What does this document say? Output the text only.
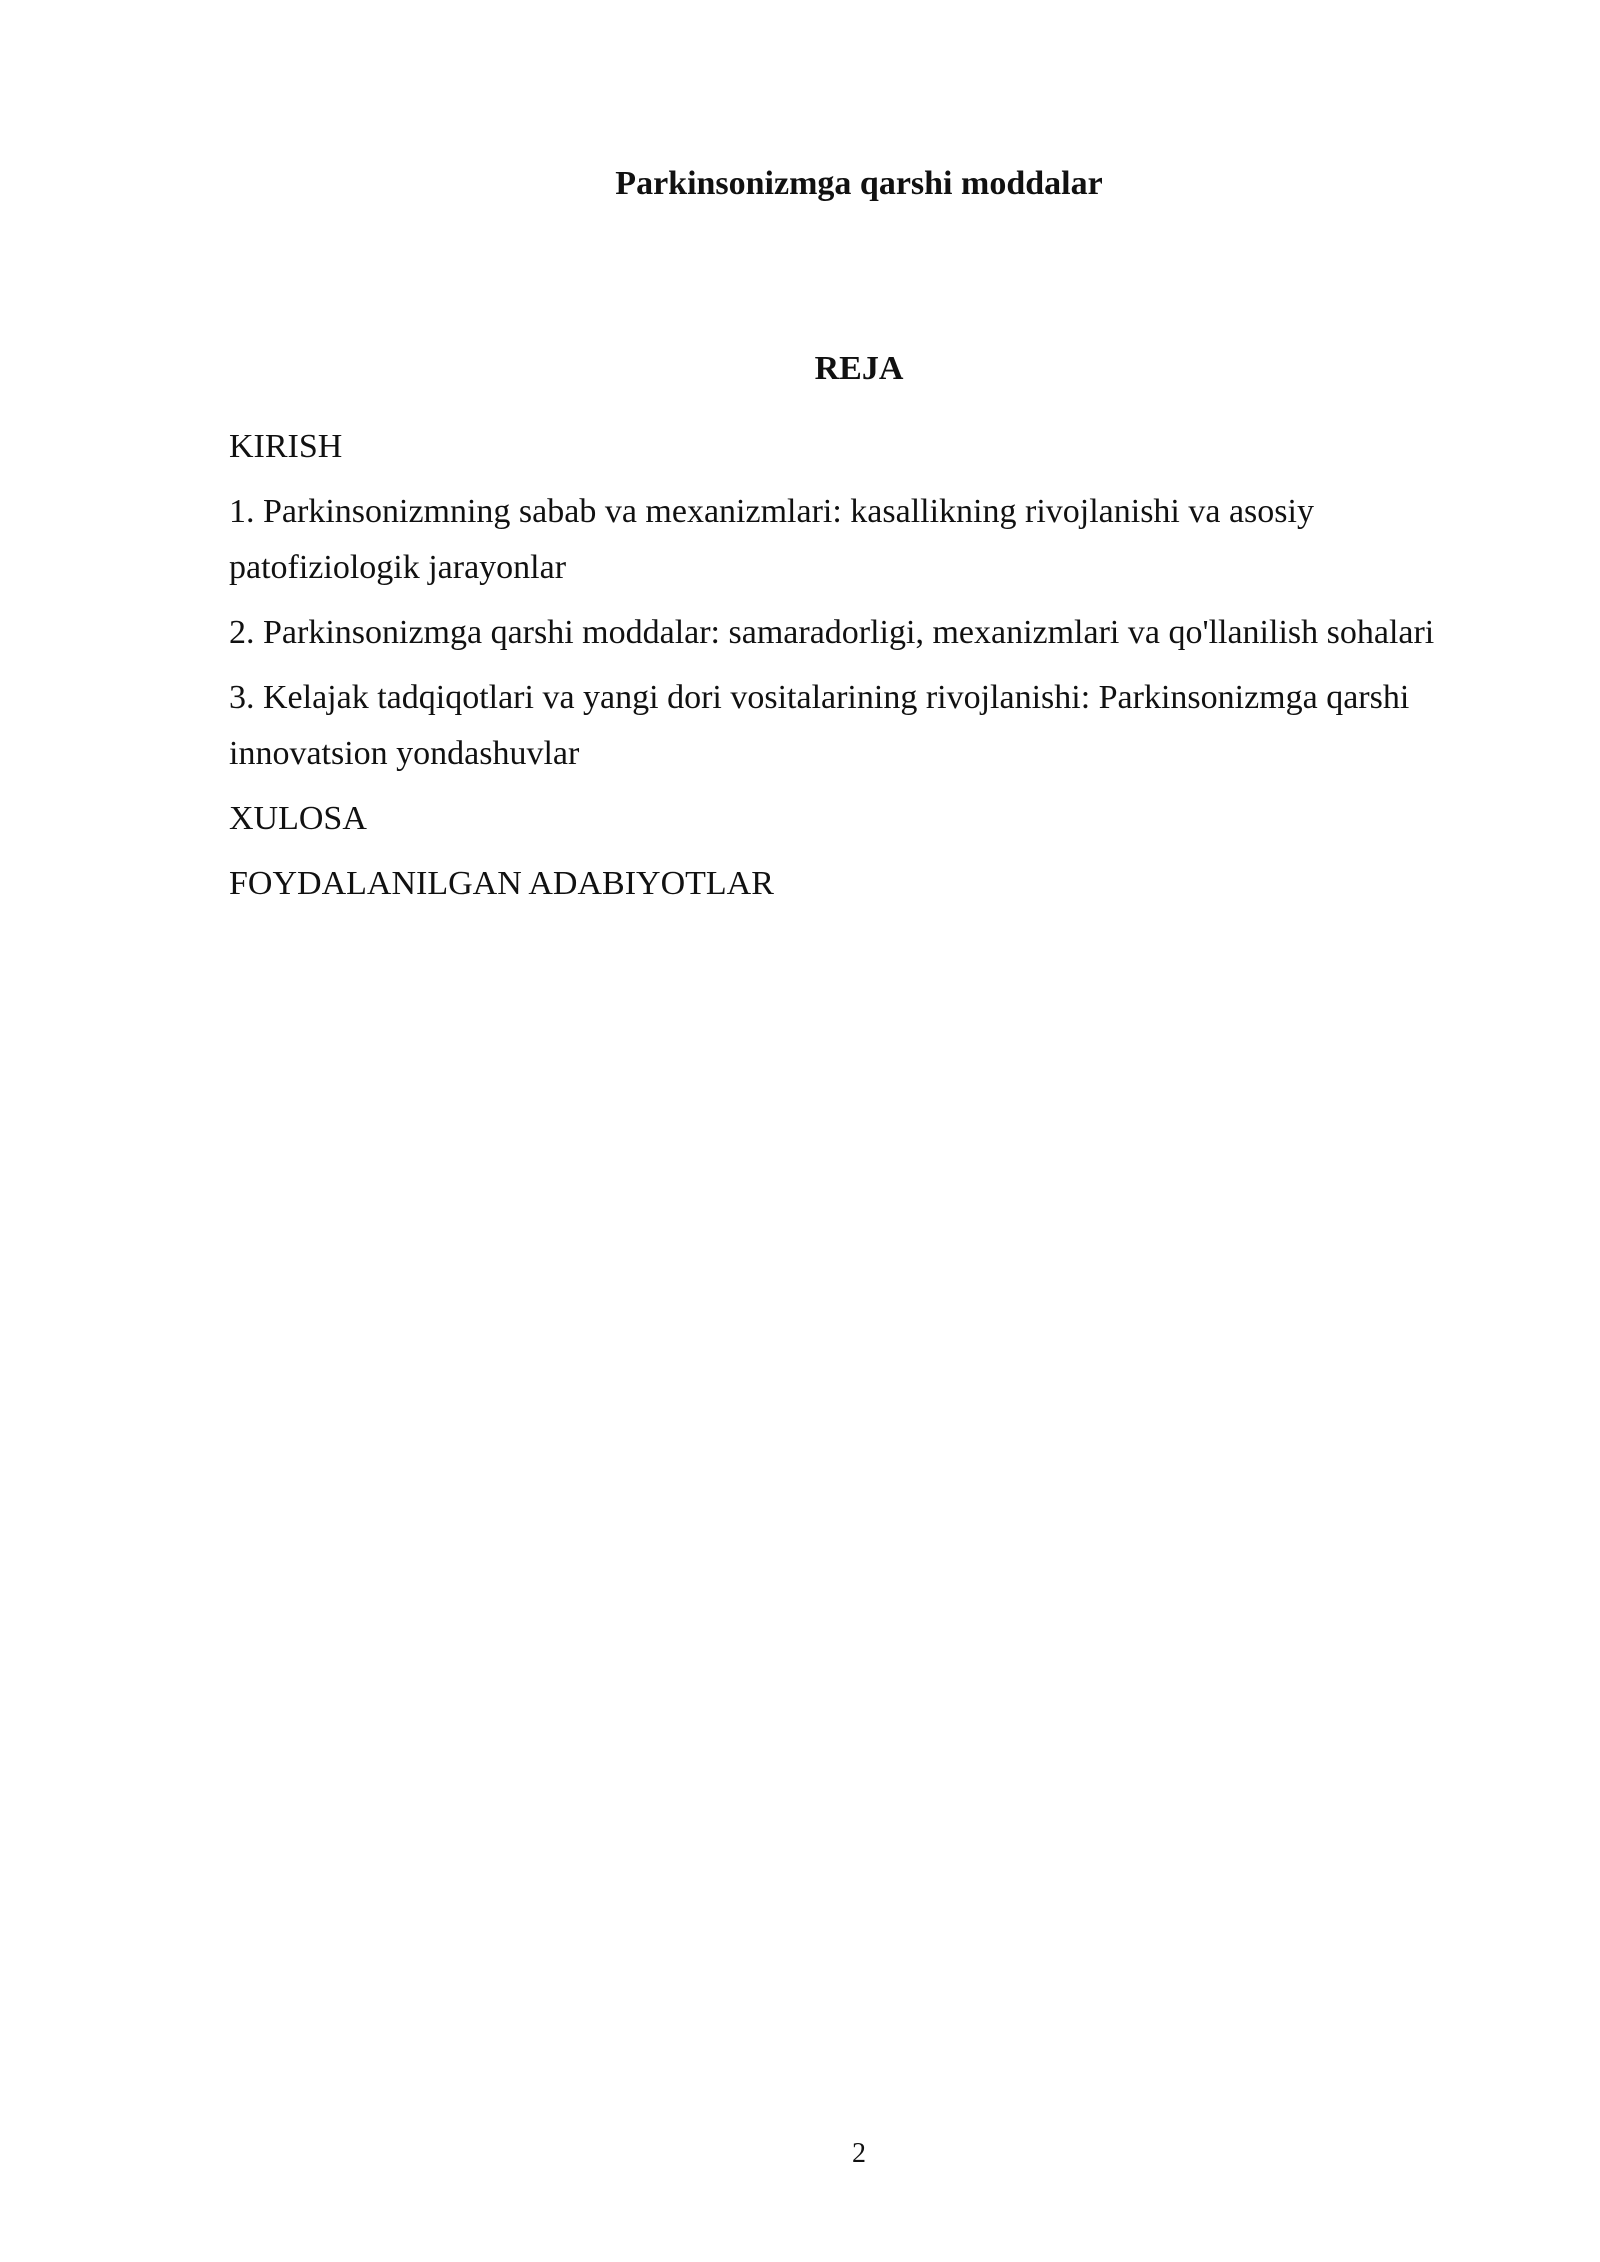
Parkinsonizmga qarshi moddalar
REJA
KIRISH
1. Parkinsonizmning sabab va mexanizmlari: kasallikning rivojlanishi va asosiy patofiziologik jarayonlar
2. Parkinsonizmga qarshi moddalar: samaradorligi, mexanizmlari va qo'llanilish sohalari
3. Kelajak tadqiqotlari va yangi dori vositalarining rivojlanishi: Parkinsonizmga qarshi innovatsion yondashuvlar
XULOSA
FOYDALANILGAN ADABIYOTLAR
2
